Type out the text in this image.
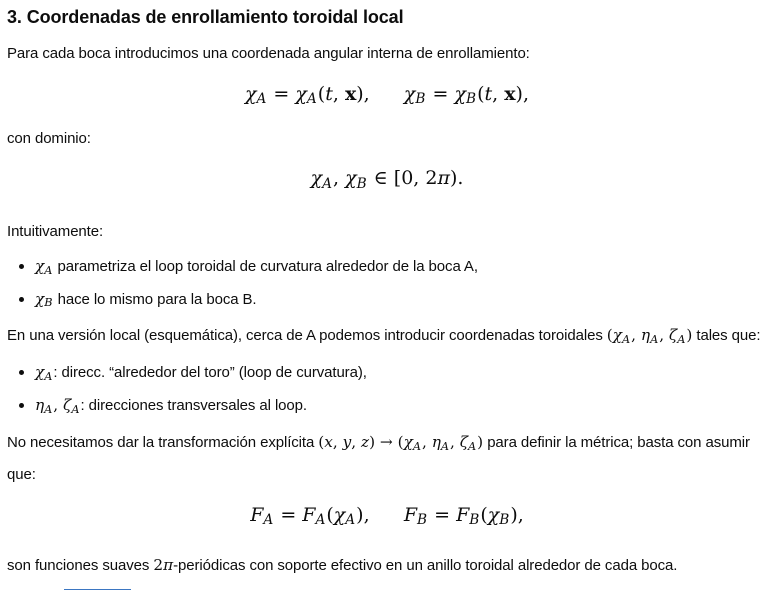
3. Coordenadas de enrollamiento toroidal local

Para cada boca introducimos una coordenada angular interna de enrollamiento:

χA = χA(t, x), χB = χB(t, x),

con dominio:

χA, χB ∈ [0, 2π).

Intuitivamente:

χA parametriza el loop toroidal de curvatura alrededor de la boca A,
χB hace lo mismo para la boca B.

En una versión local (esquemática), cerca de A podemos introducir coordenadas toroidales (χA, ηA, ζA) tales que:

χA: direcc. “alrededor del toro” (loop de curvatura),
ηA, ζA: direcciones transversales al loop.

No necesitamos dar la transformación explícita (x, y, z) → (χA, ηA, ζA) para definir la métrica; basta con asumir que:

FA = FA(χA), FB = FB(χB),

son funciones suaves 2π-periódicas con soporte efectivo en un anillo toroidal alrededor de cada boca.
